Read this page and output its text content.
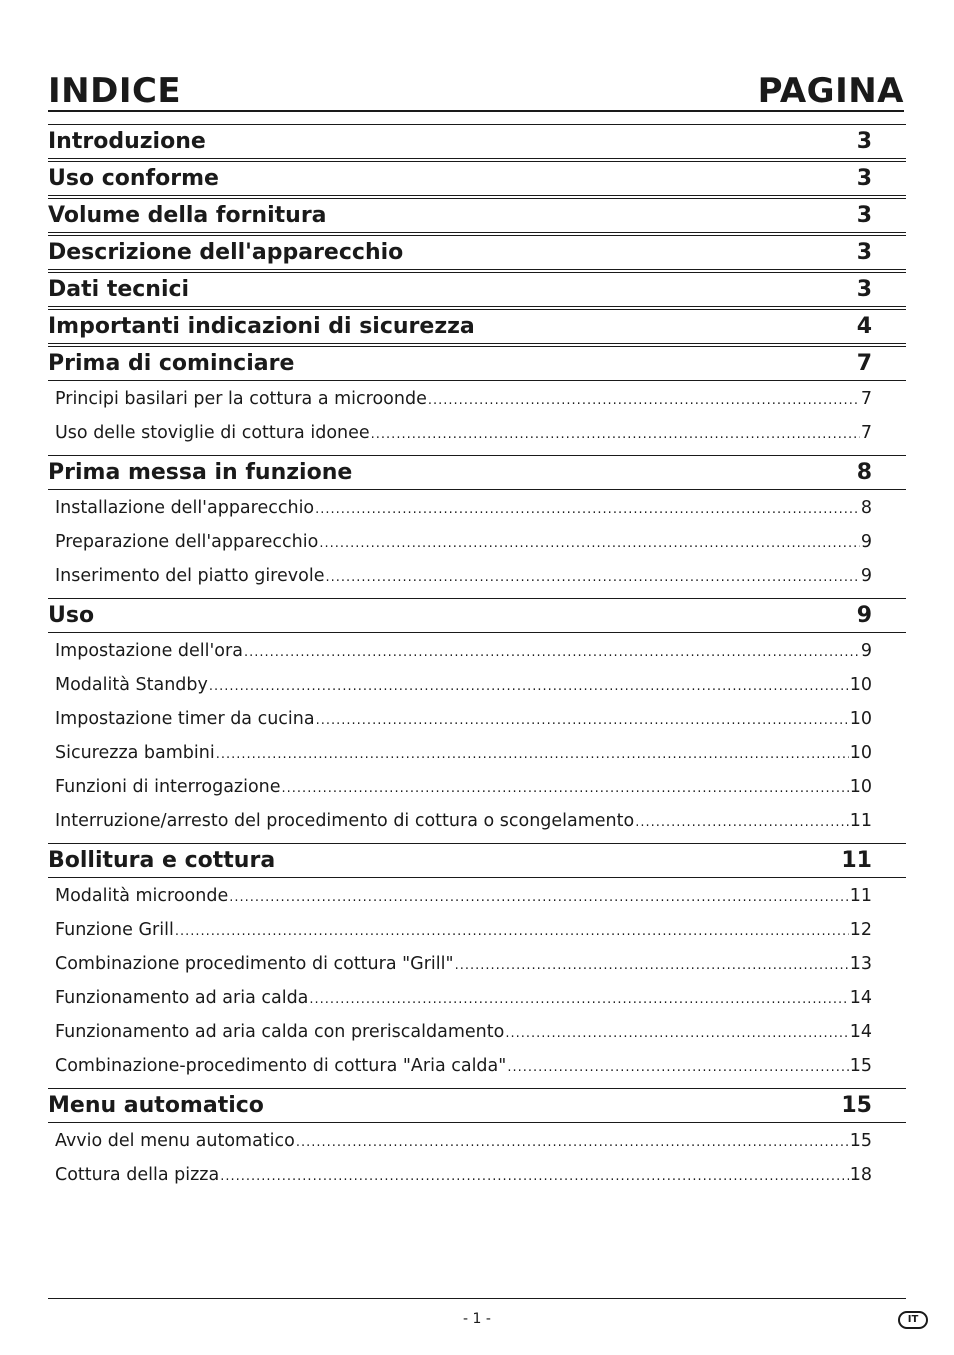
INDICE	PAGINA
Introduzione	3
Uso conforme	3
Volume della fornitura	3
Descrizione dell'apparecchio	3
Dati tecnici	3
Importanti indicazioni di sicurezza	4
Prima di cominciare	7
Principi basilari per la cottura a microonde .....	7
Uso delle stoviglie di cottura idonee .....	7
Prima messa in funzione	8
Installazione dell'apparecchio .....	8
Preparazione dell'apparecchio .....	9
Inserimento del piatto girevole .....	9
Uso	9
Impostazione dell'ora .....	9
Modalità Standby .....	10
Impostazione timer da cucina .....	10
Sicurezza bambini .....	10
Funzioni di interrogazione .....	10
Interruzione/arresto del procedimento di cottura o scongelamento .....	11
Bollitura e cottura	11
Modalità microonde .....	11
Funzione Grill .....	12
Combinazione procedimento di cottura "Grill" .....	13
Funzionamento ad aria calda .....	14
Funzionamento ad aria calda con preriscaldamento .....	14
Combinazione-procedimento di cottura "Aria calda" .....	15
Menu automatico	15
Avvio del menu automatico .....	15
Cottura della pizza .....	18
- 1 -	IT
